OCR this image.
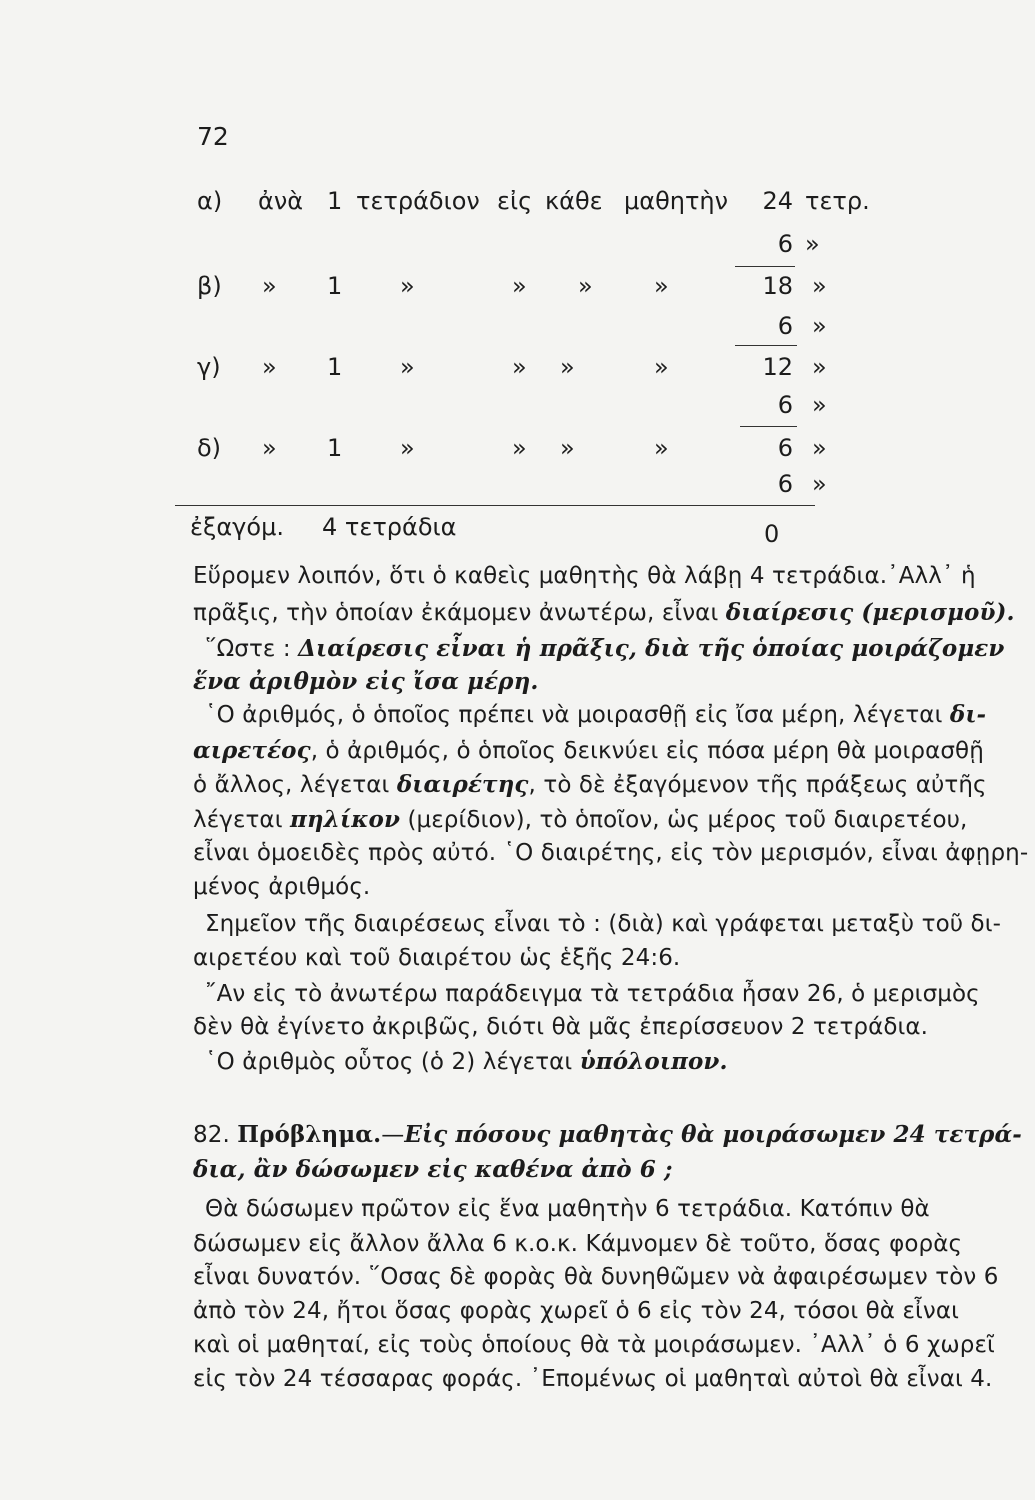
72
α) ἀνὰ 1 τετράδιον εἰς κάθε μαθητὴν	24 τετρ.
6 »
β) » 1 »	» »	»	18 »
6 »
γ) » 1 »	» »	»	12 »
6 »
δ) » 1 »	» »	»	6 »
6 »
ἐξαγόμ. 4 τετράδια	0
Εὕρομεν λοιπόν, ὅτι ὁ καθεὶς μαθητὴς θὰ λάβῃ 4 τετράδια.᾿Αλλ᾿ ἡ
πρᾶξις, τὴν ὁποίαν ἐκάμομεν ἀνωτέρω, εἶναι διαίρεσις (μερισμοῦ).
῞Ωστε : Διαίρεσις εἶναι ἡ πρᾶξις, διὰ τῆς ὁποίας μοιράζομεν
ἕνα ἀριθμὸν εἰς ἴσα μέρη.
῾Ο ἀριθμός, ὁ ὁποῖος πρέπει νὰ μοιρασθῇ εἰς ἴσα μέρη, λέγεται δι-
αιρετέος, ὁ ἀριθμός, ὁ ὁποῖος δεικνύει εἰς πόσα μέρη θὰ μοιρασθῇ
ὁ ἄλλος, λέγεται διαιρέτης, τὸ δὲ ἐξαγόμενον τῆς πράξεως αὐτῆς
λέγεται πηλίκον (μερίδιον), τὸ ὁποῖον, ὡς μέρος τοῦ διαιρετέου,
εἶναι ὁμοειδὲς πρὸς αὐτό. ῾Ο διαιρέτης, εἰς τὸν μερισμόν, εἶναι ἀφῃρη-
μένος ἀριθμός.
Σημεῖον τῆς διαιρέσεως εἶναι τὸ : (διὰ) καὶ γράφεται μεταξὺ τοῦ δι-
αιρετέου καὶ τοῦ διαιρέτου ὡς ἑξῆς 24:6.
῎Αν εἰς τὸ ἀνωτέρω παράδειγμα τὰ τετράδια ἦσαν 26, ὁ μερισμὸς
δὲν θὰ ἐγίνετο ἀκριβῶς, διότι θὰ μᾶς ἐπερίσσευον 2 τετράδια.
῾Ο ἀριθμὸς οὗτος (ὁ 2) λέγεται ὑπόλοιπον.
82. Πρόβλημα.—Εἰς πόσους μαθητὰς θὰ μοιράσωμεν 24 τετρά-
δια, ἂν δώσωμεν εἰς καθένα ἀπὸ 6 ;
Θὰ δώσωμεν πρῶτον εἰς ἕνα μαθητὴν 6 τετράδια. Κατόπιν θὰ
δώσωμεν εἰς ἄλλον ἄλλα 6 κ.ο.κ. Κάμνομεν δὲ τοῦτο, ὅσας φορὰς
εἶναι δυνατόν. ῞Οσας δὲ φορὰς θὰ δυνηθῶμεν νὰ ἀφαιρέσωμεν τὸν 6
ἀπὸ τὸν 24, ἤτοι ὅσας φορὰς χωρεῖ ὁ 6 εἰς τὸν 24, τόσοι θὰ εἶναι
καὶ οἱ μαθηταί, εἰς τοὺς ὁποίους θὰ τὰ μοιράσωμεν. ᾿Αλλ᾿ ὁ 6 χωρεῖ
εἰς τὸν 24 τέσσαρας φοράς. ᾿Επομένως οἱ μαθηταὶ αὐτοὶ θὰ εἶναι 4.
